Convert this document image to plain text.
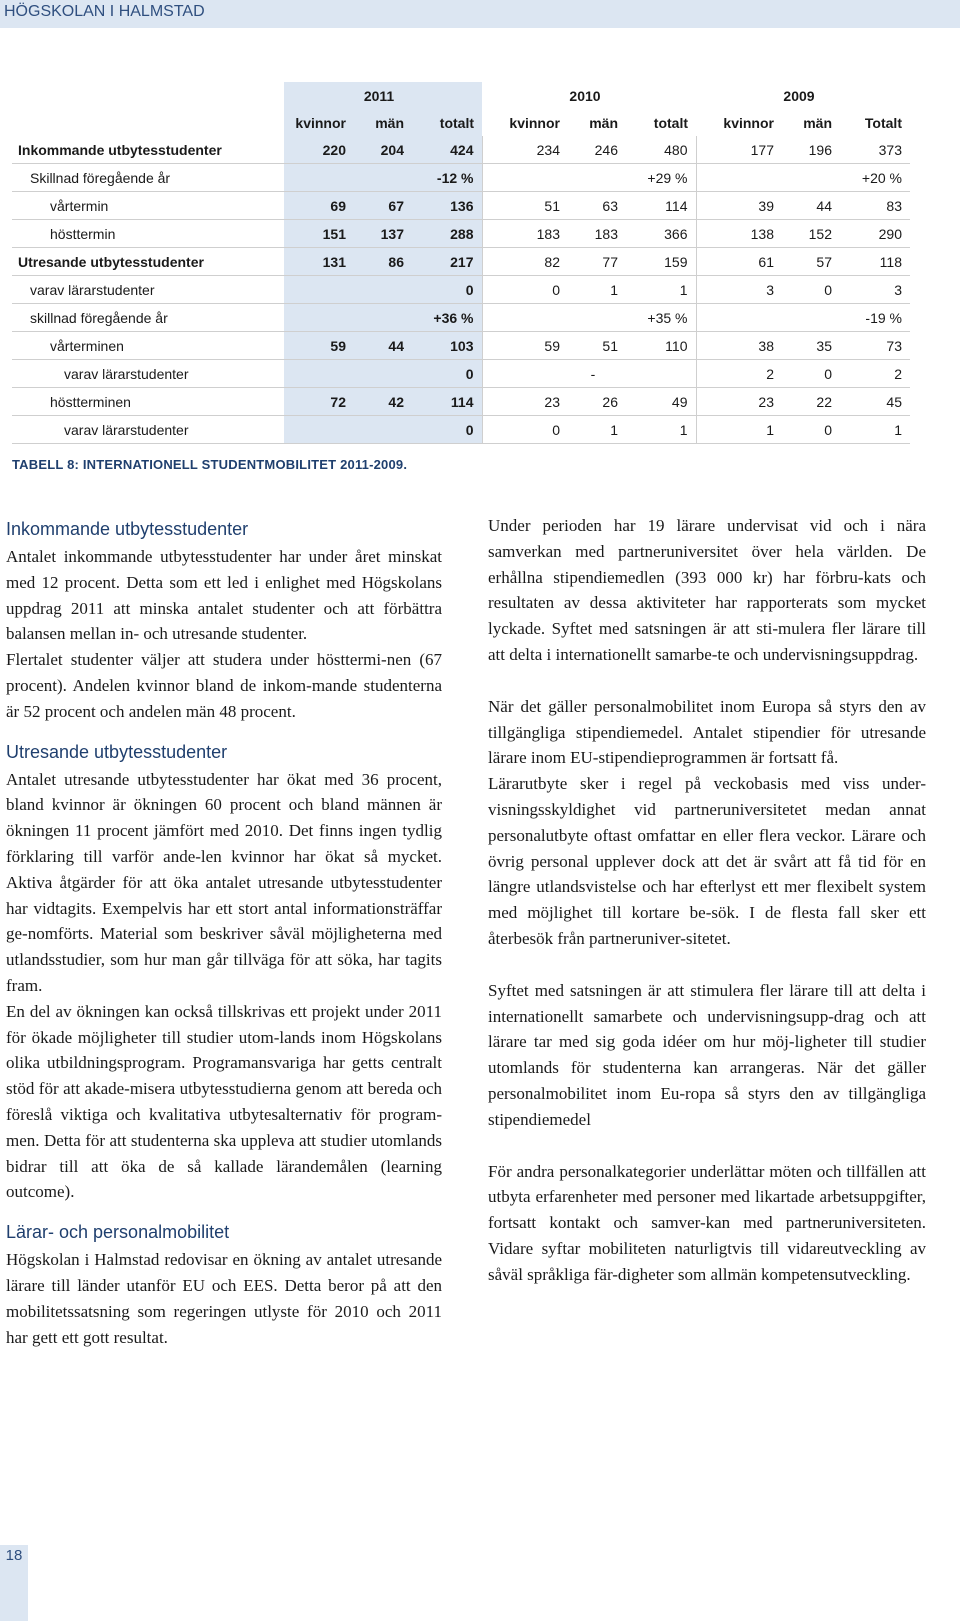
HÖGSKOLAN I HALMSTAD
	2011			2010			2009		
	kvinnor	män	totalt	kvinnor	män	totalt	kvinnor	män	Totalt
Inkommande utbytesstudenter	220	204	424	234	246	480	177	196	373
Skillnad föregående år			-12 %			+29 %			+20 %
vårtermin	69	67	136	51	63	114	39	44	83
hösttermin	151	137	288	183	183	366	138	152	290
Utresande utbytesstudenter	131	86	217	82	77	159	61	57	118
varav lärarstudenter			0	0	1	1	3	0	3
skillnad föregående år			+36 %			+35 %			-19 %
vårterminen	59	44	103	59	51	110	38	35	73
varav lärarstudenter			0		-		2	0	2
höstterminen	72	42	114	23	26	49	23	22	45
varav lärarstudenter			0	0	1	1	1	0	1
TABELL 8: INTERNATIONELL STUDENTMOBILITET 2011-2009.
Inkommande utbytesstudenter

Antalet inkommande utbytesstudenter har under året minskat med 12 procent. Detta som ett led i enlighet med Högskolans uppdrag 2011 att minska antalet studenter och att förbättra balansen mellan in- och utresande studenter.

Flertalet studenter väljer att studera under hösttermi-nen (67 procent). Andelen kvinnor bland de inkom-mande studenterna är 52 procent och andelen män 48 procent.

Utresande utbytesstudenter

Antalet utresande utbytesstudenter har ökat med 36 procent, bland kvinnor är ökningen 60 procent och bland männen är ökningen 11 procent jämfört med 2010. Det finns ingen tydlig förklaring till varför ande-len kvinnor har ökat så mycket. Aktiva åtgärder för att öka antalet utresande utbytesstudenter har vidtagits. Exempelvis har ett stort antal informationsträffar ge-nomförts. Material som beskriver såväl möjligheterna med utlandsstudier, som hur man går tillväga för att söka, har tagits fram.

En del av ökningen kan också tillskrivas ett projekt under 2011 för ökade möjligheter till studier utom-lands inom Högskolans olika utbildningsprogram. Programansvariga har getts centralt stöd för att akade-misera utbytesstudierna genom att bereda och föreslå viktiga och kvalitativa utbytesalternativ för program-men. Detta för att studenterna ska uppleva att studier utomlands bidrar till att öka de så kallade lärandemålen (learning outcome).

Lärar- och personalmobilitet

Högskolan i Halmstad redovisar en ökning av antalet utresande lärare till länder utanför EU och EES. Detta beror på att den mobilitetssatsning som regeringen utlyste för 2010 och 2011 har gett ett gott resultat.

Under perioden har 19 lärare undervisat vid och i nära samverkan med partneruniversitet över hela världen. De erhållna stipendiemedlen (393 000 kr) har förbru-kats och resultaten av dessa aktiviteter har rapporterats som mycket lyckade. Syftet med satsningen är att sti-mulera fler lärare till att delta i internationellt samarbe-te och undervisningsuppdrag.

När det gäller personalmobilitet inom Europa så styrs den av tillgängliga stipendiemedel. Antalet stipendier för utresande lärare inom EU-stipendieprogrammen är fortsatt få.

Lärarutbyte sker i regel på veckobasis med viss under-visningsskyldighet vid partneruniversitetet medan annat personalutbyte oftast omfattar en eller flera veckor. Lärare och övrig personal upplever dock att det är svårt att få tid för en längre utlandsvistelse och har efterlyst ett mer flexibelt system med möjlighet till kortare be-sök. I de flesta fall sker ett återbesök från partneruniver-sitetet.

Syftet med satsningen är att stimulera fler lärare till att delta i internationellt samarbete och undervisningsupp-drag och att lärare tar med sig goda idéer om hur möj-ligheter till studier utomlands för studenterna kan arrangeras. När det gäller personalmobilitet inom Eu-ropa så styrs den av tillgängliga stipendiemedel

För andra personalkategorier underlättar möten och tillfällen att utbyta erfarenheter med personer med likartade arbetsuppgifter, fortsatt kontakt och samver-kan med partneruniversiteten. Vidare syftar mobiliteten naturligtvis till vidareutveckling av såväl språkliga fär-digheter som allmän kompetensutveckling.

18
